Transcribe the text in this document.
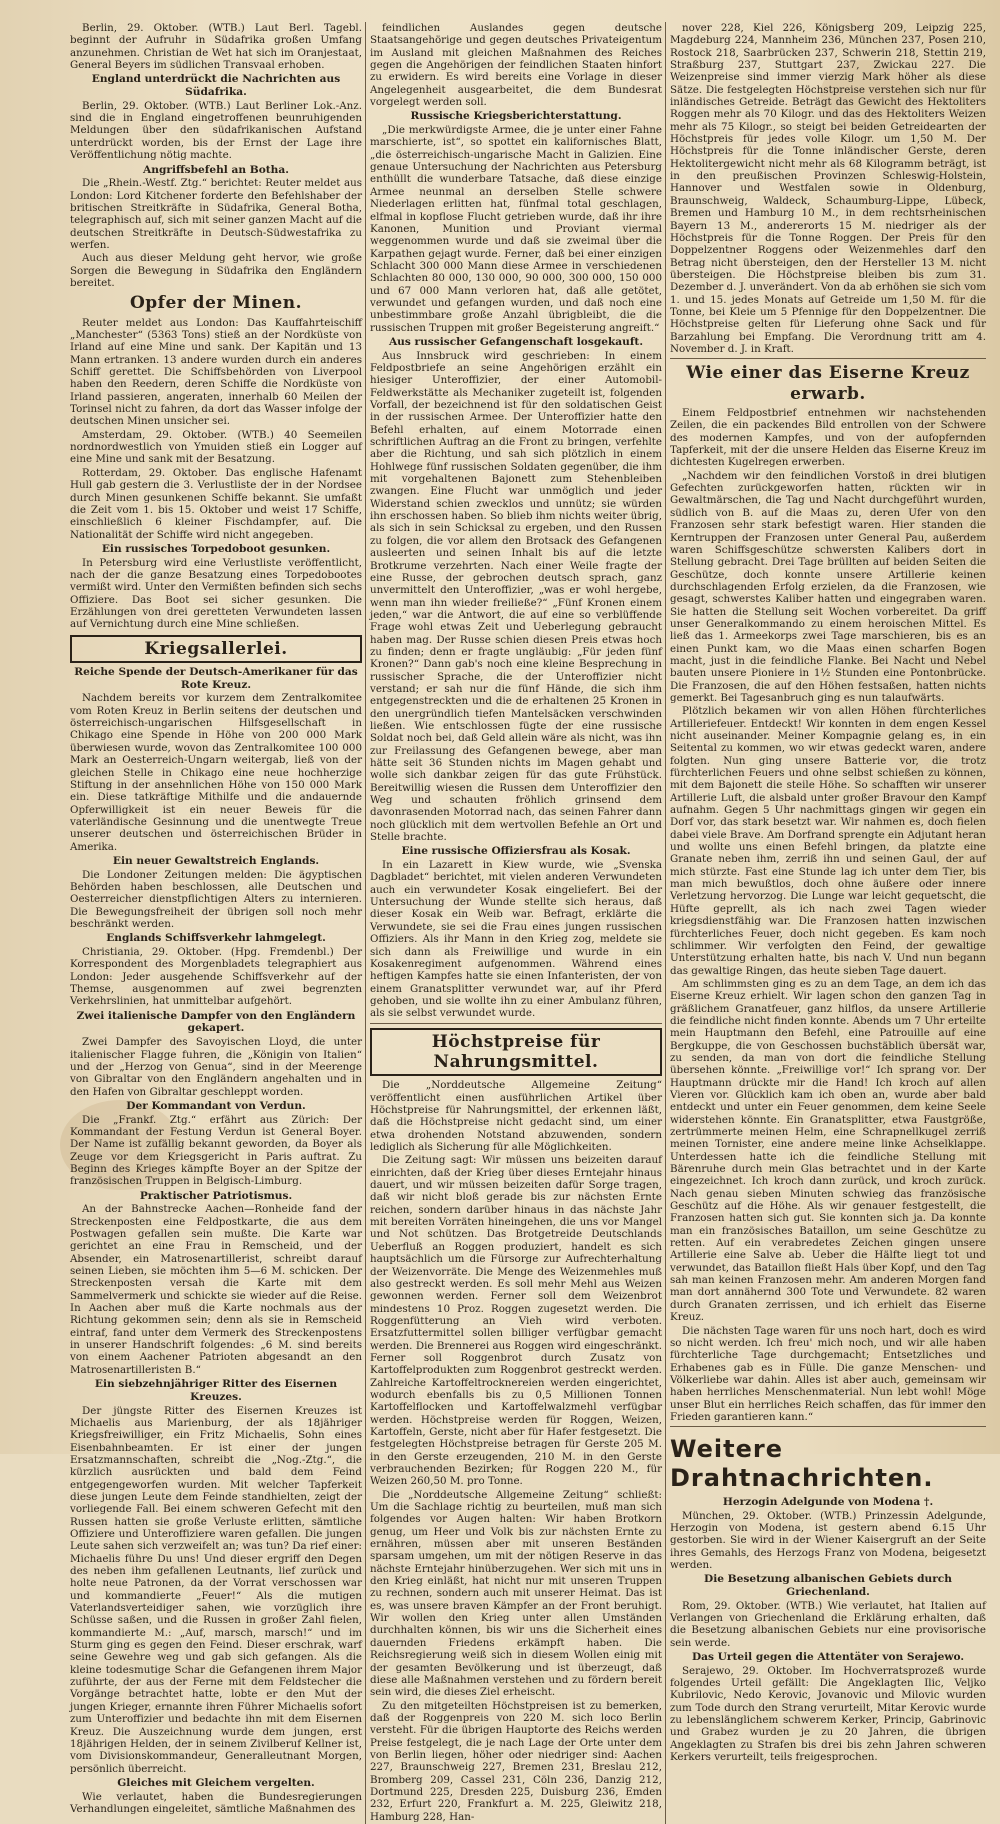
Berlin, 29. Oktober. (WTB.) Laut Berl. Tagebl. beginnt der Aufruhr in Südafrika großen Umfang anzunehmen. Christian de Wet hat sich im Oranjestaat, General Beyers im südlichen Transvaal erhoben.

England unterdrückt die Nachrichten aus Südafrika.

Berlin, 29. Oktober. (WTB.) Laut Berliner Lok.-Anz. sind die in England eingetroffenen beunruhigenden Meldungen über den südafrikanischen Aufstand unterdrückt worden, bis der Ernst der Lage ihre Veröffentlichung nötig machte.

Angriffsbefehl an Botha.

Die „Rhein.-Westf. Ztg.“ berichtet: Reuter meldet aus London: Lord Kitchener forderte den Befehlshaber der britischen Streitkräfte in Südafrika, General Botha, telegraphisch auf, sich mit seiner ganzen Macht auf die deutschen Streitkräfte in Deutsch-Südwestafrika zu werfen.

Auch aus dieser Meldung geht hervor, wie große Sorgen die Bewegung in Südafrika den Engländern bereitet.

Opfer der Minen.

Reuter meldet aus London: Das Kauffahrteischiff „Manchester“ (5363 Tons) stieß an der Nordküste von Irland auf eine Mine und sank. Der Kapitän und 13 Mann ertranken. 13 andere wurden durch ein anderes Schiff gerettet. Die Schiffsbehörden von Liverpool haben den Reedern, deren Schiffe die Nordküste von Irland passieren, angeraten, innerhalb 60 Meilen der Torinsel nicht zu fahren, da dort das Wasser infolge der deutschen Minen unsicher sei.

Amsterdam, 29. Oktober. (WTB.) 40 Seemeilen nordnordwestlich von Ymuiden stieß ein Logger auf eine Mine und sank mit der Besatzung.

Rotterdam, 29. Oktober. Das englische Hafenamt Hull gab gestern die 3. Verlustliste der in der Nordsee durch Minen gesunkenen Schiffe bekannt. Sie umfaßt die Zeit vom 1. bis 15. Oktober und weist 17 Schiffe, einschließlich 6 kleiner Fischdampfer, auf. Die Nationalität der Schiffe wird nicht angegeben.

Ein russisches Torpedoboot gesunken.

In Petersburg wird eine Verlustliste veröffentlicht, nach der die ganze Besatzung eines Torpedobootes vermißt wird. Unter den Vermißten befinden sich sechs Offiziere. Das Boot sei sicher gesunken. Die Erzählungen von drei geretteten Verwundeten lassen auf Vernichtung durch eine Mine schließen.

Kriegsallerlei.

Reiche Spende der Deutsch-Amerikaner für das Rote Kreuz.

Nachdem bereits vor kurzem dem Zentralkomitee vom Roten Kreuz in Berlin seitens der deutschen und österreichisch-ungarischen Hilfsgesellschaft in Chikago eine Spende in Höhe von 200 000 Mark überwiesen wurde, wovon das Zentralkomitee 100 000 Mark an Oesterreich-Ungarn weitergab, ließ von der gleichen Stelle in Chikago eine neue hochherzige Stiftung in der ansehnlichen Höhe von 150 000 Mark ein. Diese tatkräftige Mithilfe und die andauernde Opferwilligkeit ist ein neuer Beweis für die vaterländische Gesinnung und die unentwegte Treue unserer deutschen und österreichischen Brüder in Amerika.

Ein neuer Gewaltstreich Englands.

Die Londoner Zeitungen melden: Die ägyptischen Behörden haben beschlossen, alle Deutschen und Oesterreicher dienstpflichtigen Alters zu internieren. Die Bewegungsfreiheit der übrigen soll noch mehr beschränkt werden.

Englands Schiffsverkehr lahmgelegt.

Christiania, 29. Oktober. (Hpg. Fremdenbl.) Der Korrespondent des Morgenbladets telegraphiert aus London: Jeder ausgehende Schiffsverkehr auf der Themse, ausgenommen auf zwei begrenzten Verkehrslinien, hat unmittelbar aufgehört.

Zwei italienische Dampfer von den Engländern gekapert.

Zwei Dampfer des Savoyischen Lloyd, die unter italienischer Flagge fuhren, die „Königin von Italien“ und der „Herzog von Genua“, sind in der Meerenge von Gibraltar von den Engländern angehalten und in den Hafen von Gibraltar geschleppt worden.

Der Kommandant von Verdun.

Die „Frankf. Ztg.“ erfährt aus Zürich: Der Kommandant der Festung Verdun ist General Boyer. Der Name ist zufällig bekannt geworden, da Boyer als Zeuge vor dem Kriegsgericht in Paris auftrat. Zu Beginn des Krieges kämpfte Boyer an der Spitze der französischen Truppen in Belgisch-Limburg.

Praktischer Patriotismus.

An der Bahnstrecke Aachen—Ronheide fand der Streckenposten eine Feldpostkarte, die aus dem Postwagen gefallen sein mußte. Die Karte war gerichtet an eine Frau in Remscheid, und der Absender, ein Matrosenartillerist, schreibt darauf seinen Lieben, sie möchten ihm 5—6 M. schicken. Der Streckenposten versah die Karte mit dem Sammelvermerk und schickte sie wieder auf die Reise. In Aachen aber muß die Karte nochmals aus der Richtung gekommen sein; denn als sie in Remscheid eintraf, fand unter dem Vermerk des Streckenpostens in unserer Handschrift folgendes: „6 M. sind bereits von einem Aachener Patrioten abgesandt an den Matrosenartilleristen B.“

Ein siebzehnjähriger Ritter des Eisernen Kreuzes.

Der jüngste Ritter des Eisernen Kreuzes ist Michaelis aus Marienburg, der als 18jähriger Kriegsfreiwilliger, ein Fritz Michaelis, Sohn eines Eisenbahnbeamten. Er ist einer der jungen Ersatzmannschaften, schreibt die „Nog.-Ztg.“, die kürzlich ausrückten und bald dem Feind entgegengeworfen wurden. Mit welcher Tapferkeit diese jungen Leute dem Feinde standhielten, zeigt der vorliegende Fall. Bei einem schweren Gefecht mit den Russen hatten sie große Verluste erlitten, sämtliche Offiziere und Unteroffiziere waren gefallen. Die jungen Leute sahen sich verzweifelt an; was tun? Da rief einer: Michaelis führe Du uns! Und dieser ergriff den Degen des neben ihm gefallenen Leutnants, lief zurück und holte neue Patronen, da der Vorrat verschossen war und kommandierte „Feuer!“ Als die mutigen Vaterlandsverteidiger sahen, wie vorzüglich ihre Schüsse saßen, und die Russen in großer Zahl fielen, kommandierte M.: „Auf, marsch, marsch!“ und im Sturm ging es gegen den Feind. Dieser erschrak, warf seine Gewehre weg und gab sich gefangen. Als die kleine todesmutige Schar die Gefangenen ihrem Major zuführte, der aus der Ferne mit dem Feldstecher die Vorgänge betrachtet hatte, lobte er den Mut der jungen Krieger, ernannte ihren Führer Michaelis sofort zum Unteroffizier und bedachte ihn mit dem Eisernen Kreuz. Die Auszeichnung wurde dem jungen, erst 18jährigen Helden, der in seinem Zivilberuf Kellner ist, vom Divisionskommandeur, Generalleutnant Morgen, persönlich überreicht.

Gleiches mit Gleichem vergelten.

Wie verlautet, haben die Bundesregierungen Verhandlungen eingeleitet, sämtliche Maßnahmen des

feindlichen Auslandes gegen deutsche Staatsangehörige und gegen deutsches Privateigentum im Ausland mit gleichen Maßnahmen des Reiches gegen die Angehörigen der feindlichen Staaten hinfort zu erwidern. Es wird bereits eine Vorlage in dieser Angelegenheit ausgearbeitet, die dem Bundesrat vorgelegt werden soll.

Russische Kriegsberichterstattung.

„Die merkwürdigste Armee, die je unter einer Fahne marschierte, ist“, so spottet ein kalifornisches Blatt, „die österreichisch-ungarische Macht in Galizien. Eine genaue Untersuchung der Nachrichten aus Petersburg enthüllt die wunderbare Tatsache, daß diese einzige Armee neunmal an derselben Stelle schwere Niederlagen erlitten hat, fünfmal total geschlagen, elfmal in kopflose Flucht getrieben wurde, daß ihr ihre Kanonen, Munition und Proviant viermal weggenommen wurde und daß sie zweimal über die Karpathen gejagt wurde. Ferner, daß bei einer einzigen Schlacht 300 000 Mann diese Armee in verschiedenen Schlachten 80 000, 130 000, 90 000, 300 000, 150 000 und 67 000 Mann verloren hat, daß alle getötet, verwundet und gefangen wurden, und daß noch eine unbestimmbare große Anzahl übrigbleibt, die die russischen Truppen mit großer Begeisterung angreift.“

Aus russischer Gefangenschaft losgekauft.

Aus Innsbruck wird geschrieben: In einem Feldpostbriefe an seine Angehörigen erzählt ein hiesiger Unteroffizier, der einer Automobil-Feldwerkstätte als Mechaniker zugeteilt ist, folgenden Vorfall, der bezeichnend ist für den soldatischen Geist in der russischen Armee. Der Unteroffizier hatte den Befehl erhalten, auf einem Motorrade einen schriftlichen Auftrag an die Front zu bringen, verfehlte aber die Richtung, und sah sich plötzlich in einem Hohlwege fünf russischen Soldaten gegenüber, die ihm mit vorgehaltenen Bajonett zum Stehenbleiben zwangen. Eine Flucht war unmöglich und jeder Widerstand schien zwecklos und unnütz; sie würden ihn erschossen haben. So blieb ihm nichts weiter übrig, als sich in sein Schicksal zu ergeben, und den Russen zu folgen, die vor allem den Brotsack des Gefangenen ausleerten und seinen Inhalt bis auf die letzte Brotkrume verzehrten. Nach einer Weile fragte der eine Russe, der gebrochen deutsch sprach, ganz unvermittelt den Unteroffizier, „was er wohl hergebe, wenn man ihn wieder freiließe?“ „Fünf Kronen einem jeden,“ war die Antwort, die auf eine so verblüffende Frage wohl etwas Zeit und Ueberlegung gebraucht haben mag. Der Russe schien diesen Preis etwas hoch zu finden; denn er fragte ungläubig: „Für jeden fünf Kronen?“ Dann gab's noch eine kleine Besprechung in russischer Sprache, die der Unteroffizier nicht verstand; er sah nur die fünf Hände, die sich ihm entgegenstreckten und die de erhaltenen 25 Kronen in den unergründlich tiefen Mantelsäcken verschwinden ließen. Wie entschlossen fügte der eine russische Soldat noch bei, daß Geld allein wäre als nicht, was ihn zur Freilassung des Gefangenen bewege, aber man hätte seit 36 Stunden nichts im Magen gehabt und wolle sich dankbar zeigen für das gute Frühstück. Bereitwillig wiesen die Russen dem Unteroffizier den Weg und schauten fröhlich grinsend dem davonrasenden Motorrad nach, das seinen Fahrer dann noch glücklich mit dem wertvollen Befehle an Ort und Stelle brachte.

Eine russische Offiziersfrau als Kosak.

In ein Lazarett in Kiew wurde, wie „Svenska Dagbladet“ berichtet, mit vielen anderen Verwundeten auch ein verwundeter Kosak eingeliefert. Bei der Untersuchung der Wunde stellte sich heraus, daß dieser Kosak ein Weib war. Befragt, erklärte die Verwundete, sie sei die Frau eines jungen russischen Offiziers. Als ihr Mann in den Krieg zog, meldete sie sich dann als Freiwillige und wurde in ein Kosakenregiment aufgenommen. Während eines heftigen Kampfes hatte sie einen Infanteristen, der von einem Granatsplitter verwundet war, auf ihr Pferd gehoben, und sie wollte ihn zu einer Ambulanz führen, als sie selbst verwundet wurde.

Höchstpreise für Nahrungsmittel.

Die „Norddeutsche Allgemeine Zeitung“ veröffentlicht einen ausführlichen Artikel über Höchstpreise für Nahrungsmittel, der erkennen läßt, daß die Höchstpreise nicht gedacht sind, um einer etwa drohenden Notstand abzuwenden, sondern lediglich als Sicherung für alle Möglichkeiten.

Die Zeitung sagt: Wir müssen uns beizeiten darauf einrichten, daß der Krieg über dieses Erntejahr hinaus dauert, und wir müssen beizeiten dafür Sorge tragen, daß wir nicht bloß gerade bis zur nächsten Ernte reichen, sondern darüber hinaus in das nächste Jahr mit bereiten Vorräten hineingehen, die uns vor Mangel und Not schützen. Das Brotgetreide Deutschlands Ueberfluß an Roggen produziert, handelt es sich hauptsächlich um die Fürsorge zur Aufrechterhaltung der Weizenvorräte. Die Menge des Weizenmehles muß also gestreckt werden. Es soll mehr Mehl aus Weizen gewonnen werden. Ferner soll dem Weizenbrot mindestens 10 Proz. Roggen zugesetzt werden. Die Roggenfütterung an Vieh wird verboten. Ersatzfuttermittel sollen billiger verfügbar gemacht werden. Die Brennerei aus Roggen wird eingeschränkt. Ferner soll Roggenbrot durch Zusatz von Kartoffelprodukten zum Roggenbrot gestreckt werden. Zahlreiche Kartoffeltrocknereien werden eingerichtet, wodurch ebenfalls bis zu 0,5 Millionen Tonnen Kartoffelflocken und Kartoffelwalzmehl verfügbar werden. Höchstpreise werden für Roggen, Weizen, Kartoffeln, Gerste, nicht aber für Hafer festgesetzt. Die festgelegten Höchstpreise betragen für Gerste 205 M. in den Gerste erzeugenden, 210 M. in den Gerste verbrauchenden Bezirken; für Roggen 220 M., für Weizen 260,50 M. pro Tonne.

Die „Norddeutsche Allgemeine Zeitung“ schließt: Um die Sachlage richtig zu beurteilen, muß man sich folgendes vor Augen halten: Wir haben Brotkorn genug, um Heer und Volk bis zur nächsten Ernte zu ernähren, müssen aber mit unseren Beständen sparsam umgehen, um mit der nötigen Reserve in das nächste Erntejahr hinüberzugehen. Wer sich mit uns in den Krieg einläßt, hat nicht nur mit unseren Truppen zu rechnen, sondern auch mit unserer Heimat. Das ist es, was unsere braven Kämpfer an der Front beruhigt. Wir wollen den Krieg unter allen Umständen durchhalten können, bis wir uns die Sicherheit eines dauernden Friedens erkämpft haben. Die Reichsregierung weiß sich in diesem Wollen einig mit der gesamten Bevölkerung und ist überzeugt, daß diese alle Maßnahmen verstehen und zu fördern bereit sein wird, die dieses Ziel erheischt.

Zu den mitgeteilten Höchstpreisen ist zu bemerken, daß der Roggenpreis von 220 M. sich loco Berlin versteht. Für die übrigen Hauptorte des Reichs werden Preise festgelegt, die je nach Lage der Orte unter dem von Berlin liegen, höher oder niedriger sind: Aachen 227, Braunschweig 227, Bremen 231, Breslau 212, Bromberg 209, Cassel 231, Cöln 236, Danzig 212, Dortmund 225, Dresden 225, Duisburg 236, Emden 232, Erfurt 220, Frankfurt a. M. 225, Gleiwitz 218, Hamburg 228, Han-

nover 228, Kiel 226, Königsberg 209, Leipzig 225, Magdeburg 224, Mannheim 236, München 237, Posen 210, Rostock 218, Saarbrücken 237, Schwerin 218, Stettin 219, Straßburg 237, Stuttgart 237, Zwickau 227. Die Weizenpreise sind immer vierzig Mark höher als diese Sätze. Die festgelegten Höchstpreise verstehen sich nur für inländisches Getreide. Beträgt das Gewicht des Hektoliters Roggen mehr als 70 Kilogr. und das des Hektoliters Weizen mehr als 75 Kilogr., so steigt bei beiden Getreidearten der Höchstpreis für jedes volle Kilogr. um 1,50 M. Der Höchstpreis für die Tonne inländischer Gerste, deren Hektolitergewicht nicht mehr als 68 Kilogramm beträgt, ist in den preußischen Provinzen Schleswig-Holstein, Hannover und Westfalen sowie in Oldenburg, Braunschweig, Waldeck, Schaumburg-Lippe, Lübeck, Bremen und Hamburg 10 M., in dem rechtsrheinischen Bayern 13 M., andererorts 15 M. niedriger als der Höchstpreis für die Tonne Roggen. Der Preis für den Doppelzentner Roggens oder Weizenmehles darf den Betrag nicht übersteigen, den der Hersteller 13 M. nicht übersteigen. Die Höchstpreise bleiben bis zum 31. Dezember d. J. unverändert. Von da ab erhöhen sie sich vom 1. und 15. jedes Monats auf Getreide um 1,50 M. für die Tonne, bei Kleie um 5 Pfennige für den Doppelzentner. Die Höchstpreise gelten für Lieferung ohne Sack und für Barzahlung bei Empfang. Die Verordnung tritt am 4. November d. J. in Kraft.

Wie einer das Eiserne Kreuz erwarb.

Einem Feldpostbrief entnehmen wir nachstehenden Zeilen, die ein packendes Bild entrollen von der Schwere des modernen Kampfes, und von der aufopfernden Tapferkeit, mit der die unsere Helden das Eiserne Kreuz im dichtesten Kugelregen erwerben.

„Nachdem wir den feindlichen Vorstoß in drei blutigen Gefechten zurückgeworfen hatten, rückten wir in Gewaltmärschen, die Tag und Nacht durchgeführt wurden, südlich von B. auf die Maas zu, deren Ufer von den Franzosen sehr stark befestigt waren. Hier standen die Kerntruppen der Franzosen unter General Pau, außerdem waren Schiffsgeschütze schwersten Kalibers dort in Stellung gebracht. Drei Tage brüllten auf beiden Seiten die Geschütze, doch konnte unsere Artillerie keinen durchschlagenden Erfolg erzielen, da die Franzosen, wie gesagt, schwerstes Kaliber hatten und eingegraben waren. Sie hatten die Stellung seit Wochen vorbereitet. Da griff unser Generalkommando zu einem heroischen Mittel. Es ließ das 1. Armeekorps zwei Tage marschieren, bis es an einen Punkt kam, wo die Maas einen scharfen Bogen macht, just in die feindliche Flanke. Bei Nacht und Nebel bauten unsere Pioniere in 1½ Stunden eine Pontonbrücke. Die Franzosen, die auf den Höhen festsaßen, hatten nichts gemerkt. Bei Tagesanbruch ging es nun talaufwärts.

Plötzlich bekamen wir von allen Höhen fürchterliches Artilleriefeuer. Entdeckt! Wir konnten in dem engen Kessel nicht auseinander. Meiner Kompagnie gelang es, in ein Seitental zu kommen, wo wir etwas gedeckt waren, andere folgten. Nun ging unsere Batterie vor, die trotz fürchterlichen Feuers und ohne selbst schießen zu können, mit dem Bajonett die steile Höhe. So schafften wir unserer Artillerie Luft, die alsbald unter großer Bravour den Kampf aufnahm. Gegen 5 Uhr nachmittags gingen wir gegen ein Dorf vor, das stark besetzt war. Wir nahmen es, doch fielen dabei viele Brave. Am Dorfrand sprengte ein Adjutant heran und wollte uns einen Befehl bringen, da platzte eine Granate neben ihm, zerriß ihn und seinen Gaul, der auf mich stürzte. Fast eine Stunde lag ich unter dem Tier, bis man mich bewußtlos, doch ohne äußere oder innere Verletzung hervorzog. Die Lunge war leicht gequetscht, die Hüfte geprellt, als ich nach zwei Tagen wieder kriegsdienstfähig war. Die Franzosen hatten inzwischen fürchterliches Feuer, doch nicht gegeben. Es kam noch schlimmer. Wir verfolgten den Feind, der gewaltige Unterstützung erhalten hatte, bis nach V. Und nun begann das gewaltige Ringen, das heute sieben Tage dauert.

Am schlimmsten ging es zu an dem Tage, an dem ich das Eiserne Kreuz erhielt. Wir lagen schon den ganzen Tag in gräßlichem Granatfeuer, ganz hilflos, da unsere Artillerie die feindliche nicht finden konnte. Abends um 7 Uhr erteilte mein Hauptmann den Befehl, eine Patrouille auf eine Bergkuppe, die von Geschossen buchstäblich übersät war, zu senden, da man von dort die feindliche Stellung übersehen könnte. „Freiwillige vor!“ Ich sprang vor. Der Hauptmann drückte mir die Hand! Ich kroch auf allen Vieren vor. Glücklich kam ich oben an, wurde aber bald entdeckt und unter ein Feuer genommen, dem keine Seele widerstehen könnte. Ein Granatsplitter, etwa Faustgröße, zertrümmerte meinen Helm, eine Schrapnellkugel zerriß meinen Tornister, eine andere meine linke Achselklappe. Unterdessen hatte ich die feindliche Stellung mit Bärenruhe durch mein Glas betrachtet und in der Karte eingezeichnet. Ich kroch dann zurück, und kroch zurück. Nach genau sieben Minuten schwieg das französische Geschütz auf die Höhe. Als wir genauer festgestellt, die Franzosen hatten sich gut. Sie konnten sich ja. Da konnte man ein französisches Bataillon, um seine Geschütze zu retten. Auf ein verabredetes Zeichen gingen unsere Artillerie eine Salve ab. Ueber die Hälfte liegt tot und verwundet, das Bataillon fließt Hals über Kopf, und den Tag sah man keinen Franzosen mehr. Am anderen Morgen fand man dort annähernd 300 Tote und Verwundete. 82 waren durch Granaten zerrissen, und ich erhielt das Eiserne Kreuz.

Die nächsten Tage waren für uns noch hart, doch es wird so nicht werden. Ich freu' mich noch, und wir alle haben fürchterliche Tage durchgemacht; Entsetzliches und Erhabenes gab es in Fülle. Die ganze Menschen- und Völkerliebe war dahin. Alles ist aber auch, gemeinsam wir haben herrliches Menschenmaterial. Nun lebt wohl! Möge unser Blut ein herrliches Reich schaffen, das für immer den Frieden garantieren kann.“

Weitere Drahtnachrichten.

Herzogin Adelgunde von Modena †.

München, 29. Oktober. (WTB.) Prinzessin Adelgunde, Herzogin von Modena, ist gestern abend 6.15 Uhr gestorben. Sie wird in der Wiener Kaisergruft an der Seite ihres Gemahls, des Herzogs Franz von Modena, beigesetzt werden.

Die Besetzung albanischen Gebiets durch Griechenland.

Rom, 29. Oktober. (WTB.) Wie verlautet, hat Italien auf Verlangen von Griechenland die Erklärung erhalten, daß die Besetzung albanischen Gebiets nur eine provisorische sein werde.

Das Urteil gegen die Attentäter von Serajewo.

Serajewo, 29. Oktober. Im Hochverratsprozeß wurde folgendes Urteil gefällt: Die Angeklagten Ilic, Veljko Kubrilovic, Nedo Kerovic, Jovanovic und Milovic wurden zum Tode durch den Strang verurteilt, Mitar Kerovic wurde zu lebenslänglichem schwerem Kerker, Princip, Gabrinovic und Grabez wurden je zu 20 Jahren, die übrigen Angeklagten zu Strafen bis drei bis zehn Jahren schweren Kerkers verurteilt, teils freigesprochen.
